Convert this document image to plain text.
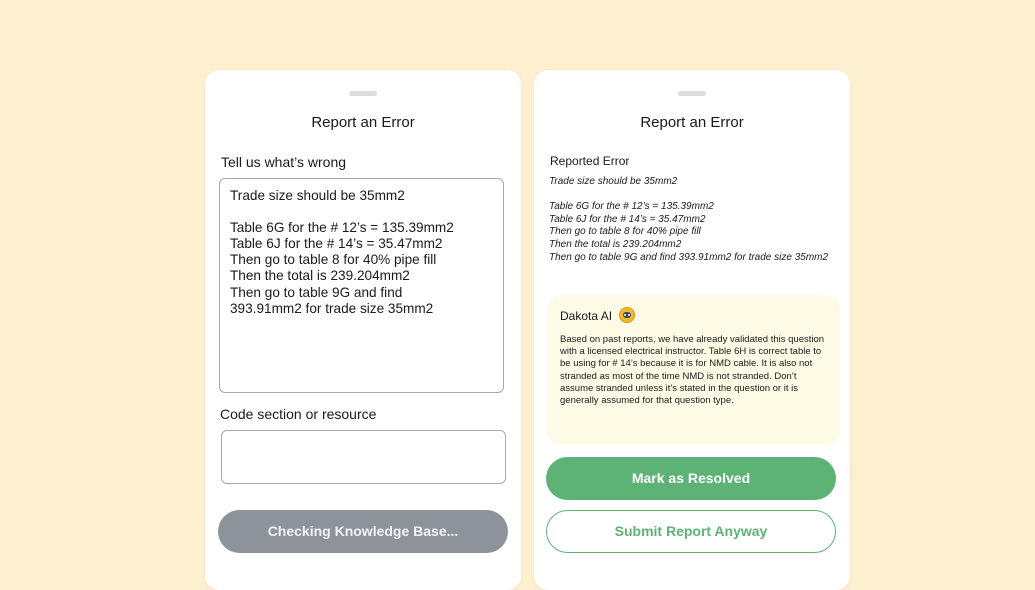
Report an Error
Tell us what’s wrong
Trade size should be 35mm2

Table 6G for the # 12’s = 135.39mm2
Table 6J for the # 14’s = 35.47mm2
Then go to table 8 for 40% pipe fill
Then the total is 239.204mm2
Then go to table 9G and find
393.91mm2 for trade size 35mm2
Code section or resource
Checking Knowledge Base...
Report an Error
Reported Error
Trade size should be 35mm2

Table 6G for the # 12’s = 135.39mm2
Table 6J for the # 14’s = 35.47mm2
Then go to table 8 for 40% pipe fill
Then the total is 239.204mm2
Then go to table 9G and find 393.91mm2 for trade size 35mm2
Dakota AI
Based on past reports, we have already validated this question with a licensed electrical instructor. Table 6H is correct table to be using for # 14’s because it is for NMD cable. It is also not stranded as most of the time NMD is not stranded. Don’t assume stranded unless it’s stated in the question or it is generally assumed for that question type.
Mark as Resolved
Submit Report Anyway
